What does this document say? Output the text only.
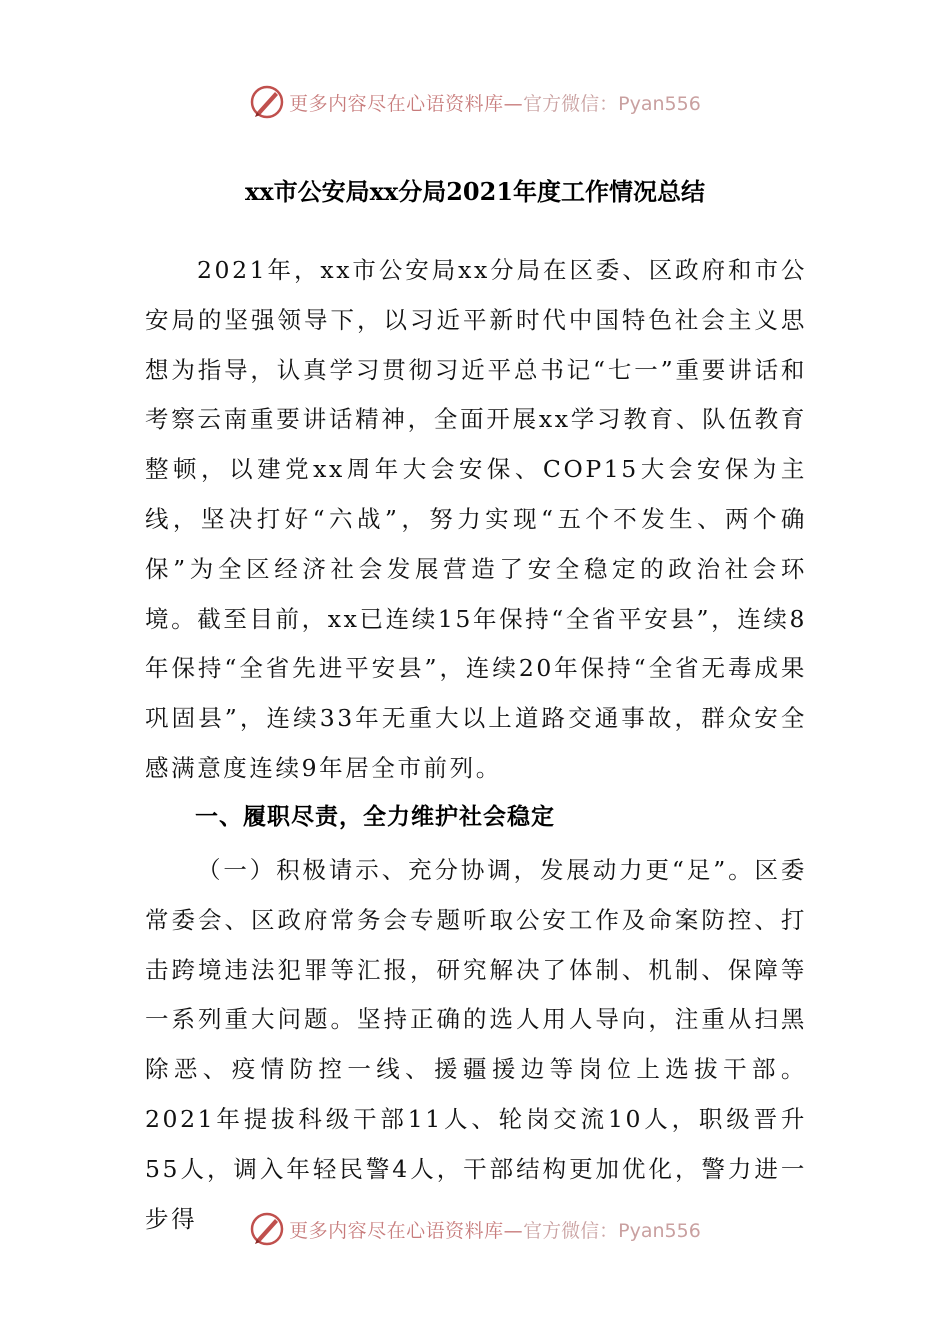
更多内容尽在心语资料库— 官方微信：Pyan556
xx市公安局xx分局2021年度工作情况总结
2021年，xx市公安局xx分局在区委、区政府和市公安局的坚强领导下，以习近平新时代中国特色社会主义思想为指导，认真学习贯彻习近平总书记“七一”重要讲话和考察云南重要讲话精神，全面开展xx学习教育、队伍教育整顿，以建党xx周年大会安保、COP15大会安保为主线，坚决打好“六战”，努力实现“五个不发生、两个确保”为全区经济社会发展营造了安全稳定的政治社会环境。截至目前，xx已连续15年保持“全省平安县”，连续8年保持“全省先进平安县”，连续20年保持“全省无毒成果巩固县”，连续33年无重大以上道路交通事故，群众安全感满意度连续9年居全市前列。
一、履职尽责，全力维护社会稳定
（一）积极请示、充分协调，发展动力更“足”。区委常委会、区政府常务会专题听取公安工作及命案防控、打击跨境违法犯罪等汇报，研究解决了体制、机制、保障等一系列重大问题。坚持正确的选人用人导向，注重从扫黑除恶、疫情防控一线、援疆援边等岗位上选拔干部。2021年提拔科级干部11人、轮岗交流10人，职级晋升55人，调入年轻民警4人，干部结构更加优化，警力进一步得	更多内容尽在心语资料库— 官方微信：Pyan556
